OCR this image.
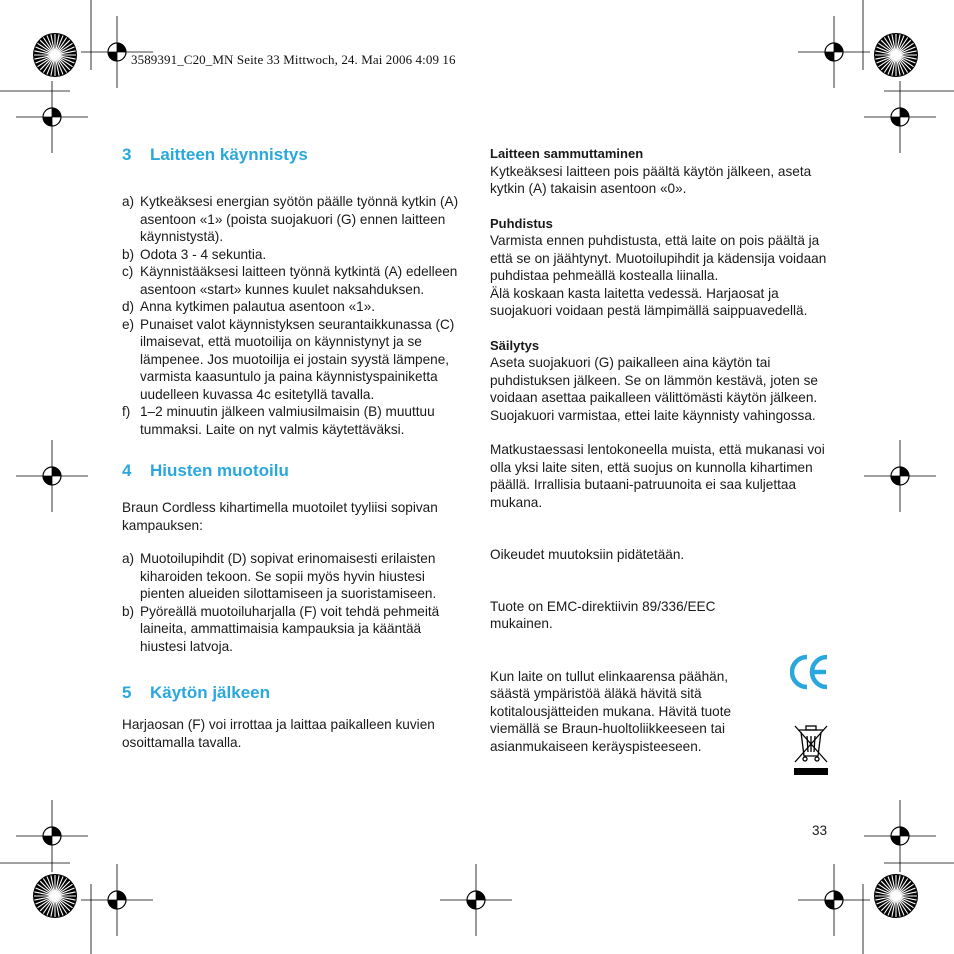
3589391_C20_MN Seite 33 Mittwoch, 24. Mai 2006 4:09 16
3	Laitteen käynnistys
a) Kytkeäksesi energian syötön päälle työnnä kytkin (A) asentoon «1» (poista suojakuori (G) ennen laitteen käynnistystä).
b) Odota 3 - 4 sekuntia.
c) Käynnistääksesi laitteen työnnä kytkintä (A) edelleen asentoon «start» kunnes kuulet naksahduksen.
d) Anna kytkimen palautua asentoon «1».
e) Punaiset valot käynnistyksen seurantaikkunassa (C) ilmaisevat, että muotoilija on käynnistynyt ja se lämpenee. Jos muotoilija ei jostain syystä lämpene, varmista kaasuntulo ja paina käynnistyspainiketta uudelleen kuvassa 4c esitetyllä tavalla.
f) 1–2 minuutin jälkeen valmiusilmaisin (B) muuttuu tummaksi. Laite on nyt valmis käytettäväksi.
4	Hiusten muotoilu

Braun Cordless kihartimella muotoilet tyyliisi sopivan kampauksen:

a) Muotoilupihdit (D) sopivat erinomaisesti erilaisten kiharoiden tekoon. Se sopii myös hyvin hiustesi pienten alueiden silottamiseen ja suoristamiseen.
b) Pyöreällä muotoiluharjalla (F) voit tehdä pehmeitä laineita, ammattimaisia kampauksia ja kääntää hiustesi latvoja.
5	Käytön jälkeen

Harjaosan (F) voi irrottaa ja laittaa paikalleen kuvien osoittamalla tavalla.

Laitteen sammuttaminen

Kytkeäksesi laitteen pois päältä käytön jälkeen, aseta kytkin (A) takaisin asentoon «0».

Puhdistus

Varmista ennen puhdistusta, että laite on pois päältä ja että se on jäähtynyt. Muotoilupihdit ja kädensija voidaan puhdistaa pehmeällä kostealla liinalla.

Älä koskaan kasta laitetta vedessä. Harjaosat ja suojakuori voidaan pestä lämpimällä saippuavedellä.

Säilytys

Aseta suojakuori (G) paikalleen aina käytön tai puhdistuksen jälkeen. Se on lämmön kestävä, joten se voidaan asettaa paikalleen välittömästi käytön jälkeen. Suojakuori varmistaa, ettei laite käynnisty vahingossa.

Matkustaessasi lentokoneella muista, että mukanasi voi olla yksi laite siten, että suojus on kunnolla kihartimen päällä. Irrallisia butaani-patruunoita ei saa kuljettaa mukana.

Oikeudet muutoksiin pidätetään.

Tuote on EMC-direktiivin 89/336/EEC mukainen.

Kun laite on tullut elinkaarensa päähän, säästä ympäristöä äläkä hävitä sitä kotitalousjätteiden mukana. Hävitä tuote viemällä se Braun-huoltoliikkeeseen tai asianmukaiseen keräyspisteeseen.

33
